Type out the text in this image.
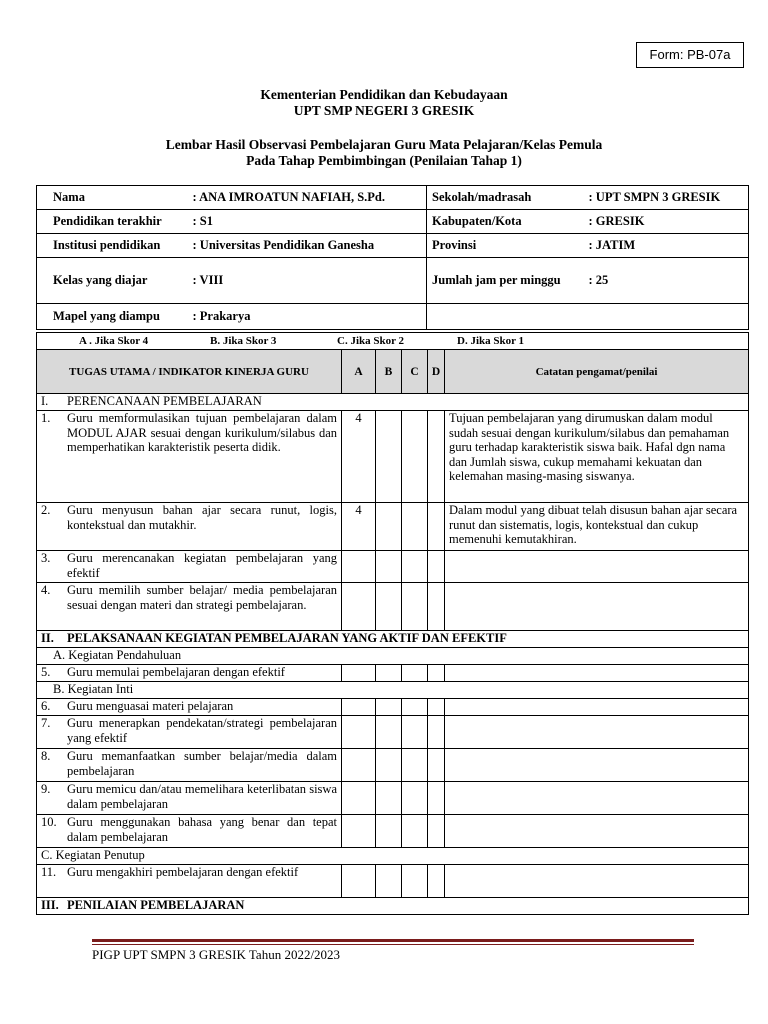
Form: PB-07a
Kementerian Pendidikan dan Kebudayaan
UPT SMP NEGERI 3 GRESIK
Lembar Hasil Observasi Pembelajaran Guru Mata Pelajaran/Kelas Pemula
Pada Tahap Pembimbingan (Penilaian Tahap 1)
Nama	: ANA IMROATUN NAFIAH, S.Pd.	Sekolah/madrasah	: UPT SMPN 3 GRESIK
Pendidikan terakhir	: S1	Kabupaten/Kota	: GRESIK
Institusi pendidikan	: Universitas Pendidikan Ganesha	Provinsi	: JATIM
Kelas yang diajar	: VIII	Jumlah jam per minggu	: 25
Mapel yang diampu	: Prakarya		
A . Jika Skor 4 B. Jika Skor 3 C. Jika Skor 2 D. Jika Skor 1					

TUGAS UTAMA / INDIKATOR KINERJA GURU	A	B	C	D	Catatan pengamat/penilai

I. PERENCANAAN PEMBELAJARAN					

1. Guru memformulasikan tujuan pembelajaran dalam MODUL AJAR sesuai dengan kurikulum/silabus dan memperhatikan karakteristik peserta didik.	4				Tujuan pembelajaran yang dirumuskan dalam modul sudah sesuai dengan kurikulum/silabus dan pemahaman guru terhadap karakteristik siswa baik. Hafal dgn nama dan Jumlah siswa, cukup memahami kekuatan dan kelemahan masing-masing siswanya.

2. Guru menyusun bahan ajar secara runut, logis, kontekstual dan mutakhir.	4				Dalam modul yang dibuat telah disusun bahan ajar secara runut dan sistematis, logis, kontekstual dan cukup memenuhi kemutakhiran.

3. Guru merencanakan kegiatan pembelajaran yang efektif					

4. Guru memilih sumber belajar/ media pembelajaran sesuai dengan materi dan strategi pembelajaran.					

II. PELAKSANAAN KEGIATAN PEMBELAJARAN YANG AKTIF DAN EFEKTIF					

A. Kegiatan Pendahuluan					

5. Guru memulai pembelajaran dengan efektif					

B. Kegiatan Inti					

6. Guru menguasai materi pelajaran					

7. Guru menerapkan pendekatan/strategi pembelajaran yang efektif					

8. Guru memanfaatkan sumber belajar/media dalam pembelajaran					

9. Guru memicu dan/atau memelihara keterlibatan siswa dalam pembelajaran					

10. Guru menggunakan bahasa yang benar dan tepat dalam pembelajaran					

C. Kegiatan Penutup					

11. Guru mengakhiri pembelajaran dengan efektif					

III. PENILAIAN PEMBELAJARAN					
PIGP UPT SMPN 3 GRESIK Tahun 2022/2023
